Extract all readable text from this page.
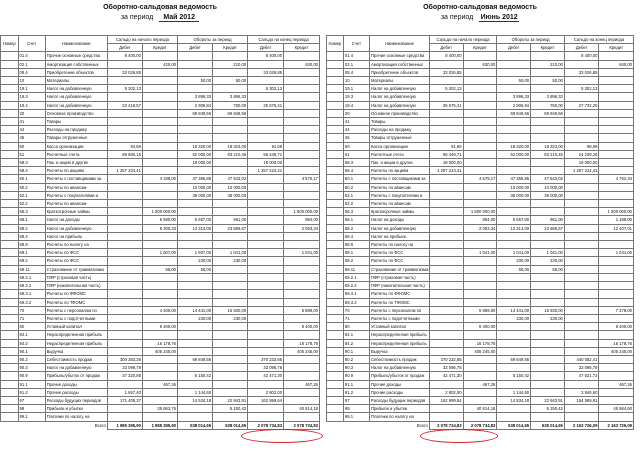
Оборотно-сальдовая ведомость
за период Май 2012
Номер	Счет	Наименование	Сальдо на начало периода		Обороты за период		Сальдо на конец периода	
			Дебет	Кредит	Дебет	Кредит	Дебет	Кредит
	01.4	Прочие основные средства	8 400,00				8 400,00	
	02.1	Амортизация собственных		420,00		210,00		630,00
	08.4	Приобретение объектов	33 026,85				33 026,85	
	10	Материалы			50,00	50,00		
	19.1	Налог на добавленную	5 302,13				5 302,13	
	19.3	Налог на добавленную			3 896,33	3 896,33		
	19.4	Налог на добавленную	23 418,57		2 906,84	750,00	25 575,41	
	20	Основное производство			69 849,56	69 849,56		
	41	Товары						
	44	Расходы на продажу						
	45	Товары отгруженные						
	50	Касса организации	94,68		18 320,00	18 323,00	91,68	
	51	Расчетные счета	86 660,15		52 000,00	83 210,45	55 449,71	
	58.3	Пак. и акции в другие			18 000,00		18 000,00	
	58.4	Расчеты по акциям	1 257 224,41				1 257 224,41	
	60.1	Расчеты с поставщиками за		4 338,00	47 355,85	47 543,02		4 575,17
	60.2	Расчеты по авансам			10 000,00	10 000,00		
	62.1	Расчеты с покупателями и			38 000,00	38 000,00		
	62.2	Расчеты по авансам						
	66.3	Краткосрочные займы		1 500 000,00				1 500 000,00
	68.1	Налог на доходы		6 580,00	6 657,00	961,00		884,00
	68.2	Налог на добавленную		8 300,33	13 313,00	23 666,67		2 053,34
	68.4	Налог на прибыль						
	68.8	Расчеты по налогу на						
	69.1	Расчеты по ФСС		1 607,00	1 607,00	1 041,00		1 041,00
	69.2	Расчеты по ФСС			230,00	230,00		
	69.11	Страхование от травматизма		56,00	56,00			
	69.2.1	ПФР (страховая часть)						
	69.2.2	ПФР (накопительная часть)						
	69.3.1	Расчеты по ФФОМС						
	69.3.2	Расчеты по ТФОМС						
	70	Расчеты с персоналом по		4 400,00	14 441,00	15 930,00		5 889,00
	71	Расчеты с подотчетными			230,00	230,00		
	80	Уставный капитал		8 400,00				8 400,00
	84.1	Нераспределенная прибыль						
	84.2	Нераспределенная прибыль		16 178,76				16 178,76
	90.1	Выручка		405 245,00				405 245,00
	90.2	Себестоимость продаж	300 383,28		69 849,56		370 232,85	
	90.3	Налог на добавленную	33 096,78				33 096,78	
	90.9	Прибыль/убыток от продаж	37 320,88		5 150,42		42 471,30	
	91.1	Прочие доходы		467,26				467,26
	91.2	Прочие расходы	1 657,40		1 144,60		2 802,00	
	97	Расходы будущих периодов	171 409,37		14 534,18	22 943,91	162 999,64	
	99	Прибыли и убытки		35 663,76		5 150,42		40 814,18
	99.1	Платежи по налогу на						
Всего			1 985 395,90	1 985 395,90	538 014,65	538 014,65	2 078 734,83	2 078 734,83
Оборотно-сальдовая ведомость
за период Июнь 2012
Номер	Счет	Наименование	Сальдо на начало периода		Обороты за период		Сальдо на конец периода	
			Дебет	Кредит	Дебет	Кредит	Дебет	Кредит
	01.4	Прочие основные средства	8 400,00				8 400,00	
	02.1	Амортизация собственных		630,00		210,00		840,00
	08.4	Приобретение объектов	33 026,85				33 026,85	
	10	Материалы			50,00	50,00		
	19.1	Налог на добавленную	5 302,13				5 302,13	
	19.3	Налог на добавленную			3 896,33	3 896,33		
	19.4	Налог на добавленную	25 575,41		2 906,84	750,00	27 732,25	
	20	Основное производство			69 849,56	69 849,56		
	41	Товары						
	44	Расходы на продажу						
	45	Товары отгруженные						
	50	Касса организации	91,68		18 320,00	18 323,00	88,68	
	51	Расчетные счета	55 449,71		52 000,00	83 210,45	24 239,26	
	58.3	Пак. и акции в другие	18 000,00				18 000,00	
	58.4	Расчеты по акциям	1 257 224,41				1 257 224,41	
	60.1	Расчеты с поставщиками за		4 575,17	47 355,85	47 543,02		4 762,34
	60.2	Расчеты по авансам			10 000,00	10 000,00		
	62.1	Расчеты с покупателями и			38 000,00	38 000,00		
	62.2	Расчеты по авансам						
	66.3	Краткосрочные займы		1 500 000,00				1 500 000,00
	68.1	Налог на доходы		884,00	6 657,00	961,00		1 188,00
	68.2	Налог на добавленную		2 053,34	13 313,00	23 666,67		12 407,01
	68.4	Налог на прибыль						
	68.8	Расчеты по налогу на						
	69.1	Расчеты по ФСС		1 041,00	1 041,00	1 041,00		1 041,00
	69.2	Расчеты по ФСС			230,00	230,00		
	69.11	Страхование от травматизма			56,00	56,00		
	69.2.1	ПФР (страховая часть)						
	69.2.2	ПФР (накопительная часть)						
	69.3.1	Расчеты по ФФОМС						
	69.3.2	Расчеты по ТФОМС						
	70	Расчеты с персоналом по		5 889,00	14 441,00	15 930,00		7 378,00
	71	Расчеты с подотчетными			230,00	230,00		
	80	Уставный капитал		8 400,00				8 400,00
	84.1	Нераспределенная прибыль						
	84.2	Нераспределенная прибыль		16 178,76				16 178,76
	90.1	Выручка		405 245,00				405 245,00
	90.2	Себестоимость продаж	370 232,85		69 849,56		440 082,41	
	90.3	Налог на добавленную	33 096,78				33 096,78	
	90.9	Прибыль/убыток от продаж	42 471,30		5 150,42		47 621,72	
	91.1	Прочие доходы		467,26				467,26
	91.2	Прочие расходы	2 802,00		1 144,60		3 946,60	
	97	Расходы будущих периодов	162 999,64		14 534,18	22 943,91	154 589,91	
	99	Прибыли и убытки		40 814,18		5 150,42		45 964,60
	99.1	Платежи по налогу на						
Всего			2 078 734,83	2 078 734,83	538 014,65	538 014,65	2 163 726,09	2 163 726,09
